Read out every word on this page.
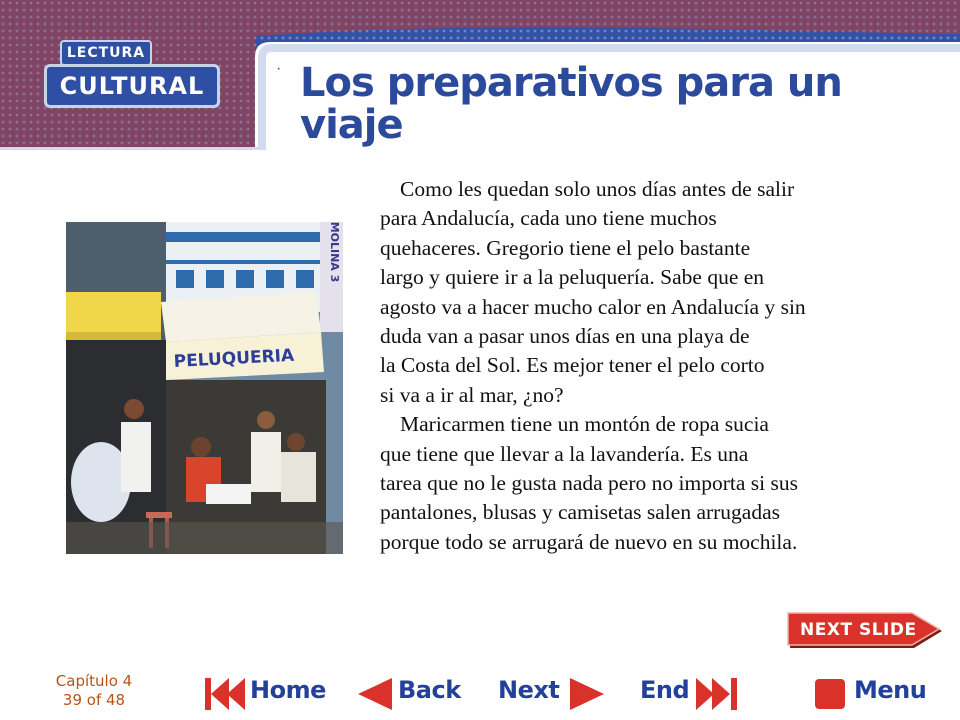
LECTURA
CULTURAL
· Los preparativos para un viaje
MOLINA 3
PELUQUERIA

Como les quedan solo unos días antes de salir
para Andalucía, cada uno tiene muchos
quehaceres. Gregorio tiene el pelo bastante
largo y quiere ir a la peluquería. Sabe que en
agosto va a hacer mucho calor en Andalucía y sin
duda van a pasar unos días en una playa de
la Costa del Sol. Es mejor tener el pelo corto
si va a ir al mar, ¿no?

Maricarmen tiene un montón de ropa sucia
que tiene que llevar a la lavandería. Es una
tarea que no le gusta nada pero no importa si sus
pantalones, blusas y camisetas salen arrugadas
porque todo se arrugará de nuevo en su mochila.

NEXT SLIDE
Capítulo 4
39 of 48	Home	Back Next	End	Menu
